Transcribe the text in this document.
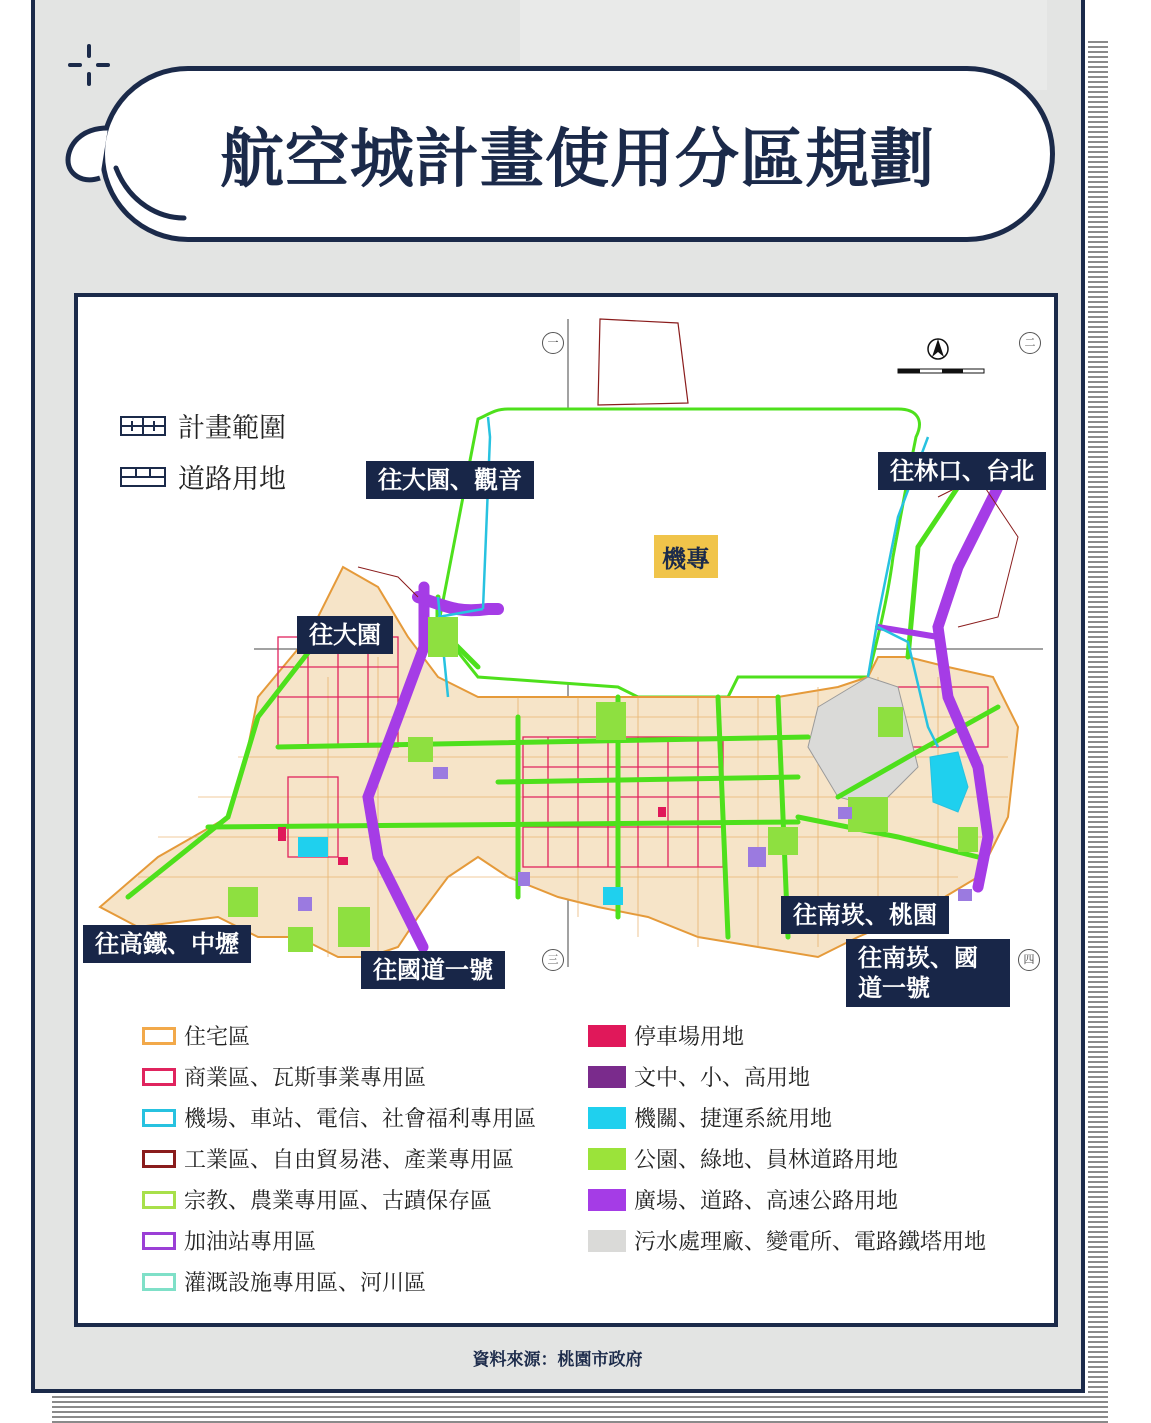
航空城計畫使用分區規劃
一	二
三	四
計畫範圍
道路用地	往大園、觀音	往林口、台北
機專
往大園
往高鐵、中壢
往南崁、桃園
往國道一號	往南崁、國道一號
住宅區
商業區、瓦斯事業專用區
機場、車站、電信、社會福利專用區
工業區、自由貿易港、產業專用區
宗教、農業專用區、古蹟保存區
加油站專用區
灌溉設施專用區、河川區
停車場用地
文中、小、高用地
機關、捷運系統用地
公園、綠地、員林道路用地
廣場、道路、高速公路用地
污水處理廠、變電所、電路鐵塔用地
資料來源：桃園市政府
